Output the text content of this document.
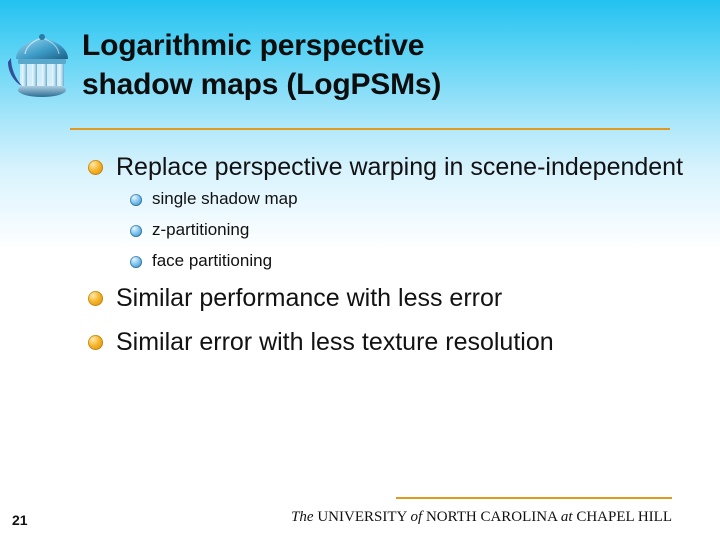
Logarithmic perspective
shadow maps (LogPSMs)
Replace perspective warping in scene-independent
single shadow map
z-partitioning
face partitioning
Similar performance with less error
Similar error with less texture resolution
21	The UNIVERSITY of NORTH CAROLINA at CHAPEL HILL
